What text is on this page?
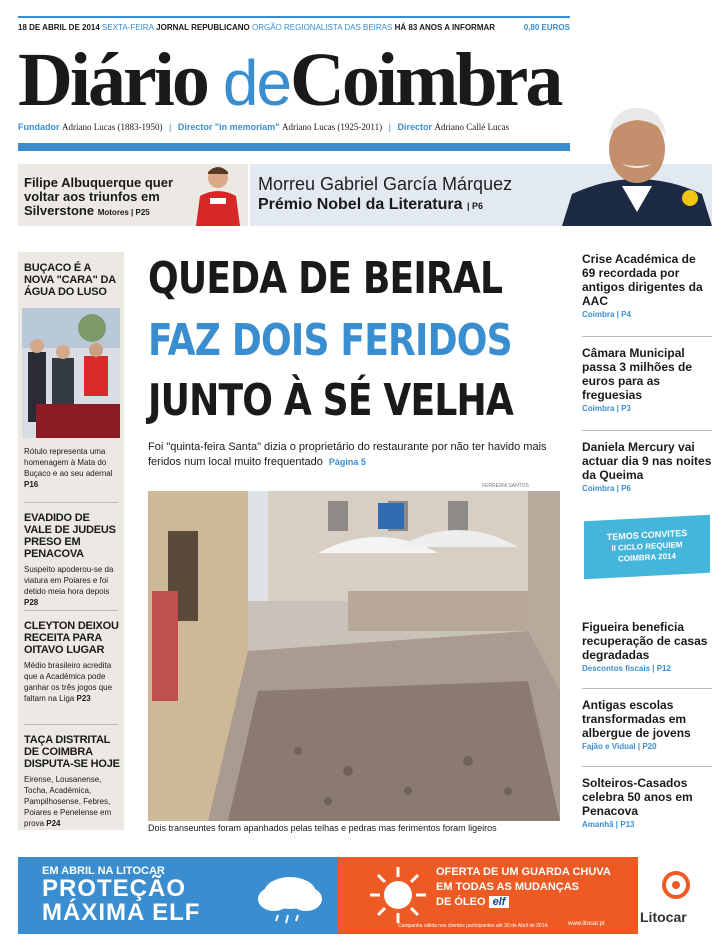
18 DE ABRIL DE 2014 SEXTA-FEIRA JORNAL REPUBLICANO ORGÃO REGIONALISTA DAS BEIRAS HÁ 83 ANOS A INFORMAR	0,80 EUROS
Diário deCoimbra
Fundador Adriano Lucas (1883-1950) | Director "in memoriam" Adriano Lucas (1925-2011) | Director Adriano Callé Lucas
Filipe Albuquerque quer voltar aos triunfos em Silverstone Motores | P25
Morreu Gabriel García Márquez
Prémio Nobel da Literatura | P6
BUÇACO É A NOVA "CARA" DA ÁGUA DO LUSO

Rótulo representa uma homenagem à Mata do Buçaco e ao seu adernal P16

EVADIDO DE VALE DE JUDEUS PRESO EM PENACOVA

Suspeito apoderou-se da viatura em Poiares e foi detido meia hora depois P28

CLEYTON DEIXOU RECEITA PARA OITAVO LUGAR

Médio brasileiro acredita que a Académica pode ganhar os três jogos que faltam na Liga P23

TAÇA DISTRITAL DE COIMBRA DISPUTA-SE HOJE

Eirense, Lousanense, Tocha, Académica, Pampilhosense, Febres, Poiares e Penelense em prova P24

QUEDA DE BEIRAL
FAZ DOIS FERIDOS
JUNTO À SÉ VELHA
Foi "quinta-feira Santa" dizia o proprietário do restaurante por não ter havido mais feridos num local muito frequentado Página 5
FERREIRA SANTOS
Dois transeuntes foram apanhados pelas telhas e pedras mas ferimentos foram ligeiros
Crise Académica de 69 recordada por antigos dirigentes da AAC
Coimbra | P4
Câmara Municipal passa 3 milhões de euros para as freguesias
Coimbra | P3
Daniela Mercury vai actuar dia 9 nas noites da Queima
Coimbra | P6
TEMOS CONVITES
II CICLO REQUIEM
COIMBRA 2014
Figueira beneficia recuperação de casas degradadas
Descontos fiscais | P12
Antigas escolas transformadas em albergue de jovens
Fajão e Vidual | P20
Solteiros-Casados celebra 50 anos em Penacova
Amanhã | P13
EM ABRIL NA LITOCAR
PROTEÇÃO
MÁXIMA ELF
OFERTA DE UM GUARDA CHUVA
EM TODAS AS MUDANÇAS
DE ÓLEO elf
Campanha válida nos clientes participantes até 30 de Abril de 2014.	www.litocar.pt	Litocar
